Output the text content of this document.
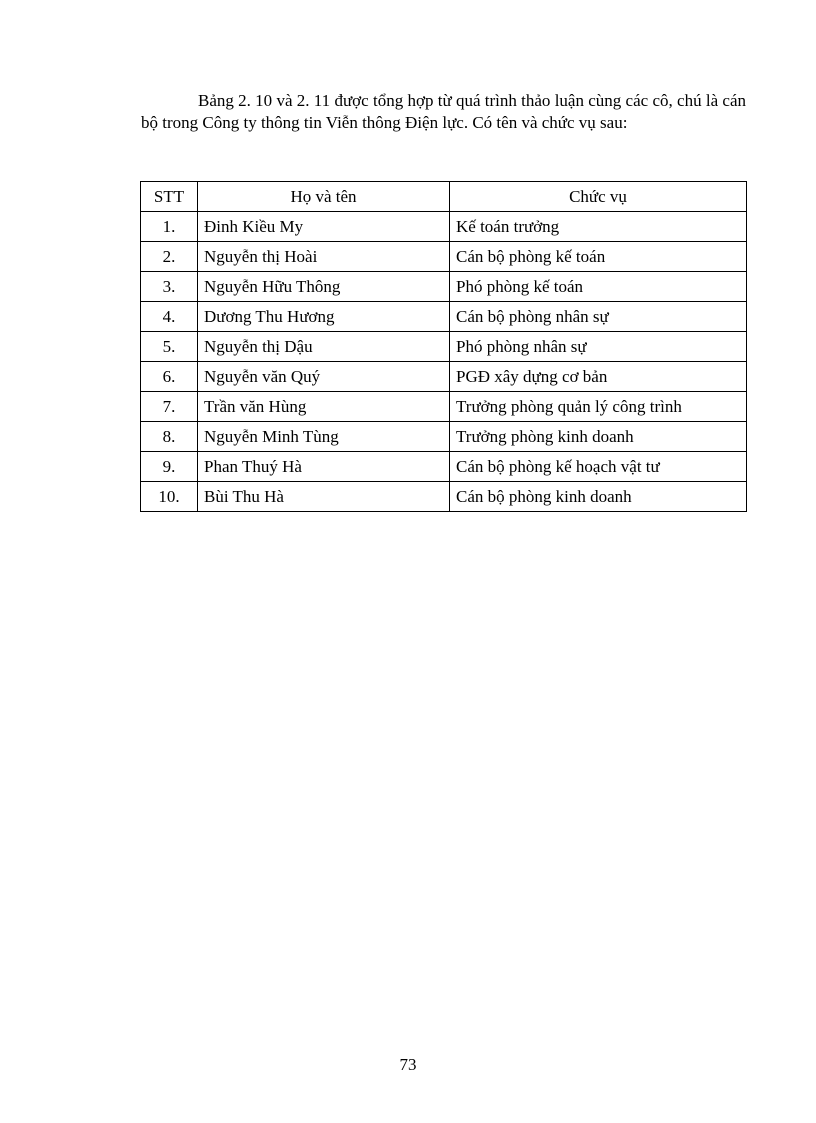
Bảng 2. 10 và 2. 11 được tổng hợp từ quá trình thảo luận cùng các cô, chú là cán bộ trong Công ty thông tin Viễn thông Điện lực. Có tên và chức vụ sau:

STT	Họ và tên	Chức vụ
1.	Đinh Kiều My	Kế toán trưởng
2.	Nguyễn thị Hoài	Cán bộ phòng kế toán
3.	Nguyễn Hữu Thông	Phó phòng kế toán
4.	Dương Thu Hương	Cán bộ phòng nhân sự
5.	Nguyễn thị Dậu	Phó phòng nhân sự
6.	Nguyễn văn Quý	PGĐ xây dựng cơ bản
7.	Trần văn Hùng	Trưởng phòng quản lý công trình
8.	Nguyễn Minh Tùng	Trưởng phòng kinh doanh
9.	Phan Thuý Hà	Cán bộ phòng kế hoạch vật tư
10.	Bùi Thu Hà	Cán bộ phòng kinh doanh
73
